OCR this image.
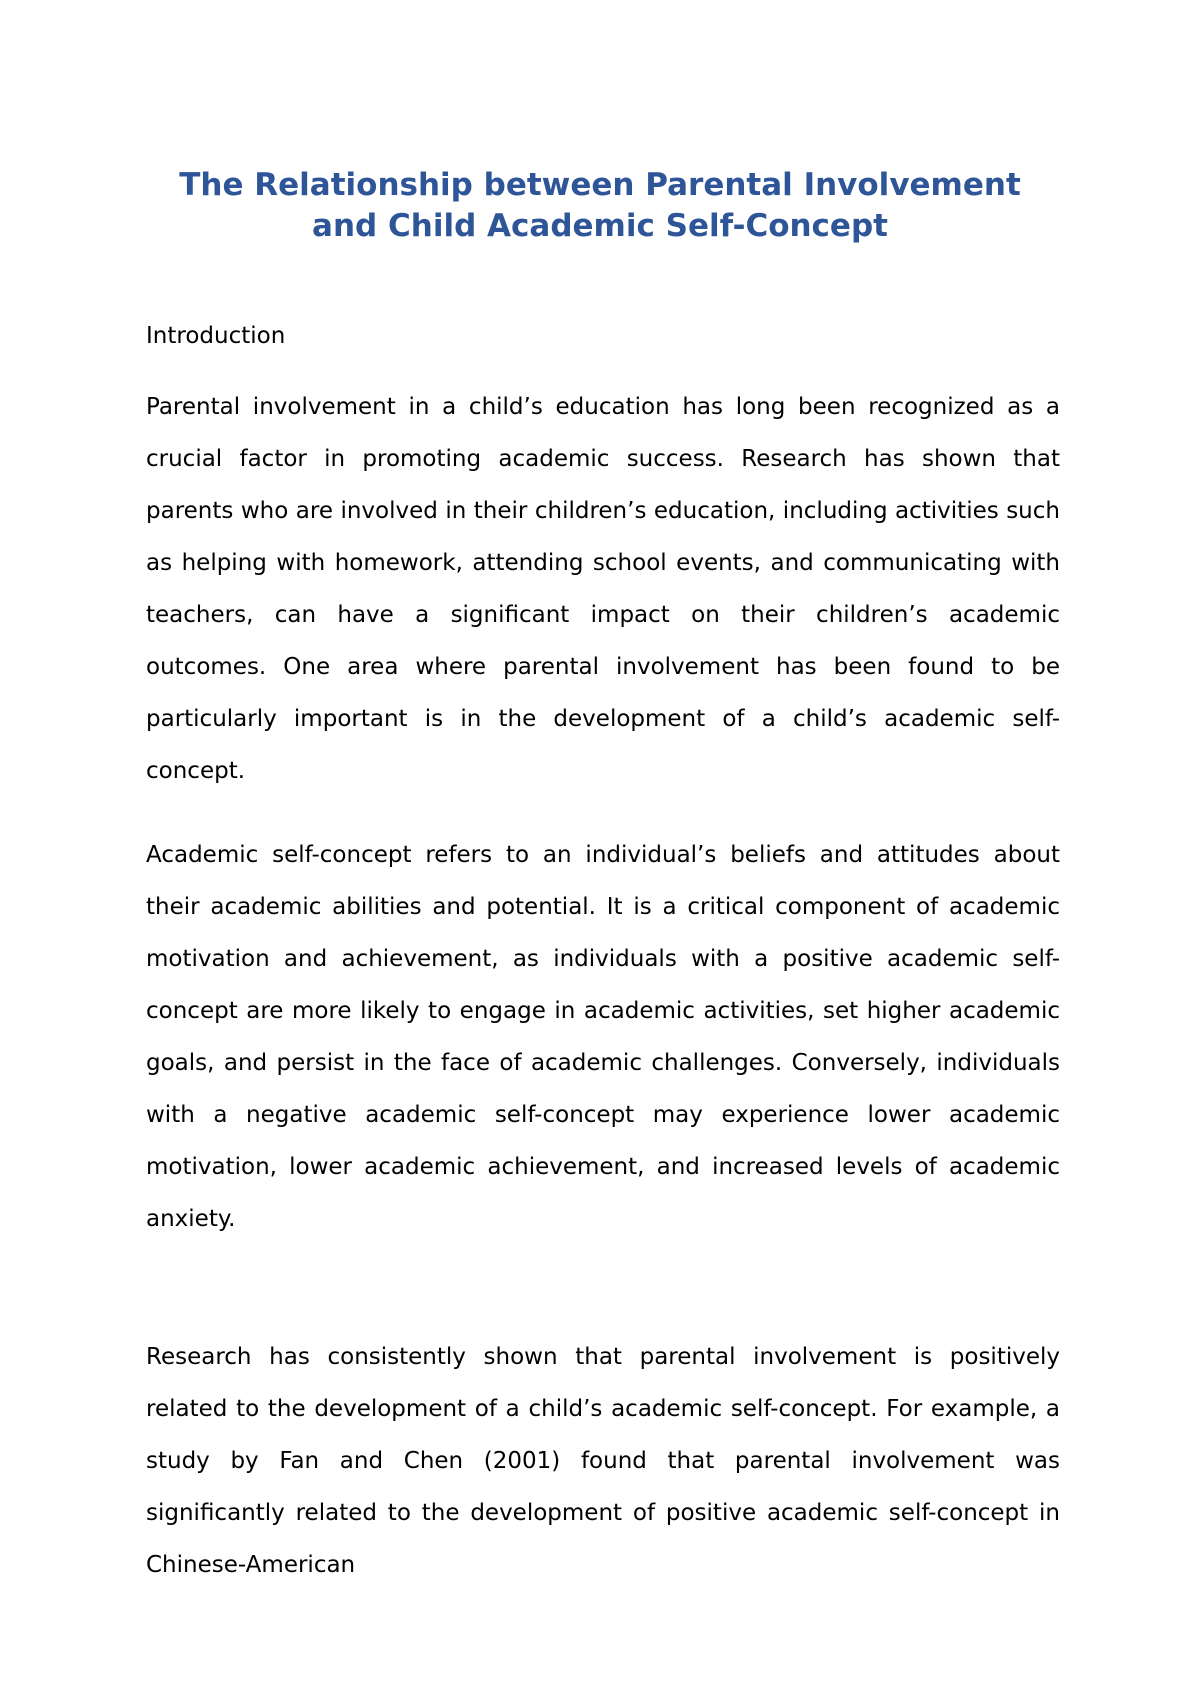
The Relationship between Parental Involvement
and Child Academic Self-Concept
Introduction

Parental involvement in a child’s education has long been recognized as a crucial factor in promoting academic success. Research has shown that parents who are involved in their children’s education, including activities such as helping with homework, attending school events, and communicating with teachers, can have a significant impact on their children’s academic outcomes. One area where parental involvement has been found to be particularly important is in the development of a child’s academic self-concept.

Academic self-concept refers to an individual’s beliefs and attitudes about their academic abilities and potential. It is a critical component of academic motivation and achievement, as individuals with a positive academic self-concept are more likely to engage in academic activities, set higher academic goals, and persist in the face of academic challenges. Conversely, individuals with a negative academic self-concept may experience lower academic motivation, lower academic achievement, and increased levels of academic anxiety.

Research has consistently shown that parental involvement is positively related to the development of a child’s academic self-concept. For example, a study by Fan and Chen (2001) found that parental involvement was significantly related to the development of positive academic self-concept in Chinese-American
